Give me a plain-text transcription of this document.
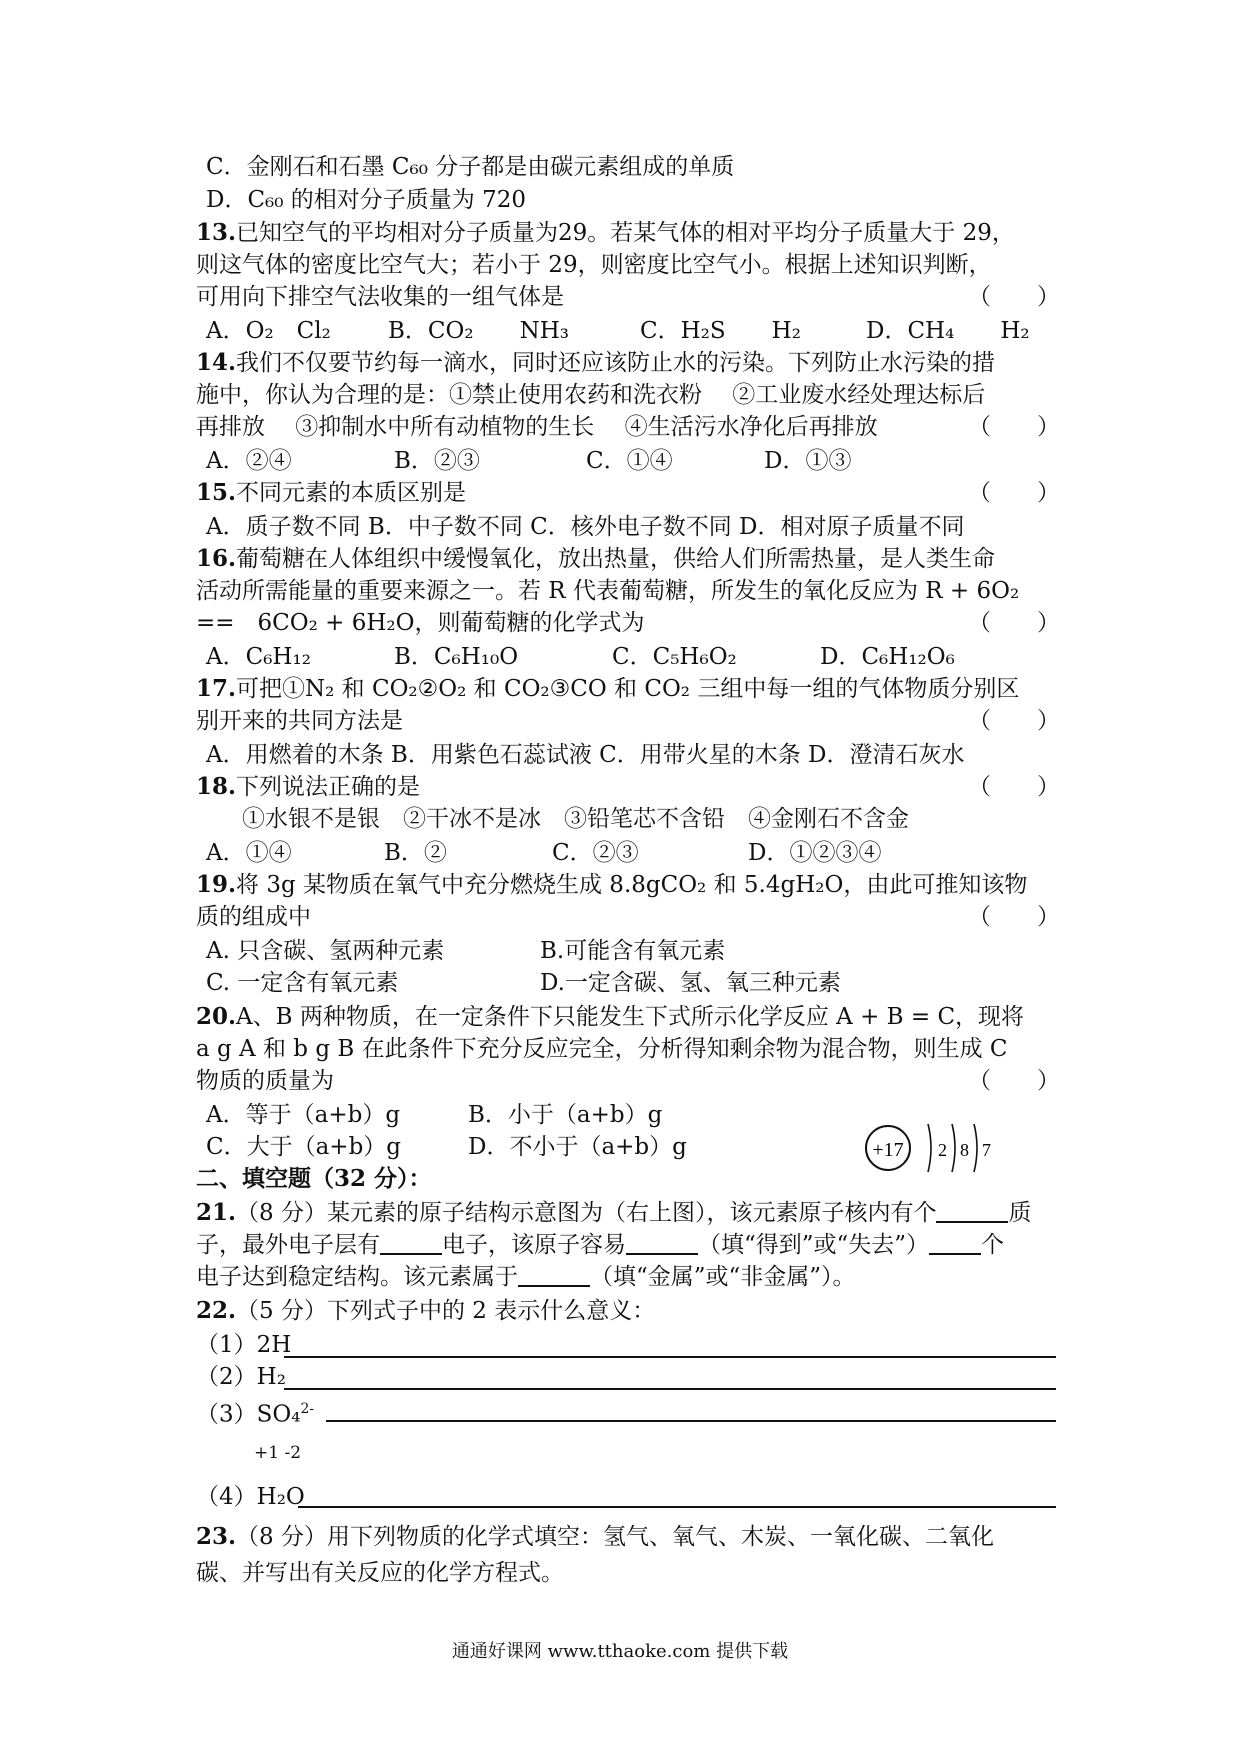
C．金刚石和石墨 C₆₀ 分子都是由碳元素组成的单质
D．C₆₀ 的相对分子质量为 720
13.已知空气的平均相对分子质量为29。若某气体的相对平均分子质量大于 29，
则这气体的密度比空气大；若小于 29，则密度比空气小。根据上述知识判断，
可用向下排空气法收集的一组气体是	（　　）
A．O₂　Cl₂ B．CO₂　　NH₃	C．H₂S　　H₂	D．CH₄　　H₂
14.我们不仅要节约每一滴水，同时还应该防止水的污染。下列防止水污染的措
施中，你认为合理的是：①禁止使用农药和洗衣粉　 ②工业废水经处理达标后
再排放　 ③抑制水中所有动植物的生长　 ④生活污水净化后再排放	（　　）
A．②④	B．②③	C．①④	D．①③
15.不同元素的本质区别是	（　　）
A．质子数不同 B．中子数不同 C．核外电子数不同 D．相对原子质量不同
16.葡萄糖在人体组织中缓慢氧化，放出热量，供给人们所需热量，是人类生命
活动所需能量的重要来源之一。若 R 代表葡萄糖，所发生的氧化反应为 R + 6O₂
==　6CO₂ + 6H₂O，则葡萄糖的化学式为	（　　）
A．C₆H₁₂	B．C₆H₁₀O	C．C₅H₆O₂	D．C₆H₁₂O₆
17.可把①N₂ 和 CO₂②O₂ 和 CO₂③CO 和 CO₂ 三组中每一组的气体物质分别区
别开来的共同方法是	（　　）
A．用燃着的木条 B．用紫色石蕊试液 C．用带火星的木条 D．澄清石灰水
18.下列说法正确的是	（　　）
①水银不是银　②干冰不是冰　③铅笔芯不含铅　④金刚石不含金
A．①④	B．②	C．②③	D．①②③④
19.将 3g 某物质在氧气中充分燃烧生成 8.8gCO₂ 和 5.4gH₂O，由此可推知该物
质的组成中	（　　）
A. 只含碳、氢两种元素	B.可能含有氧元素
C. 一定含有氧元素	D.一定含碳、氢、氧三种元素
20.A、B 两种物质，在一定条件下只能发生下式所示化学反应 A + B = C，现将
a g A 和 b g B 在此条件下充分反应完全，分析得知剩余物为混合物，则生成 C
物质的质量为	（　　）
A．等于（a+b）g	B．小于（a+b）g
C．大于（a+b）g	D．不小于（a+b）g	+17 2 8 7
二、填空题（32 分）：
21.（8 分）某元素的原子结构示意图为（右上图），该元素原子核内有个	质
子，最外电子层有	电子，该原子容易	（填“得到”或“失去”） 个
电子达到稳定结构。该元素属于	（填“金属”或“非金属”）。
22.（5 分）下列式子中的 2 表示什么意义：
（1）2H
（2）H₂
（3）SO₄$^{2-}$
+1 -2
（4）H₂O
23.（8 分）用下列物质的化学式填空：氢气、氧气、木炭、一氧化碳、二氧化
碳、并写出有关反应的化学方程式。
通通好课网 www.tthaoke.com 提供下载
